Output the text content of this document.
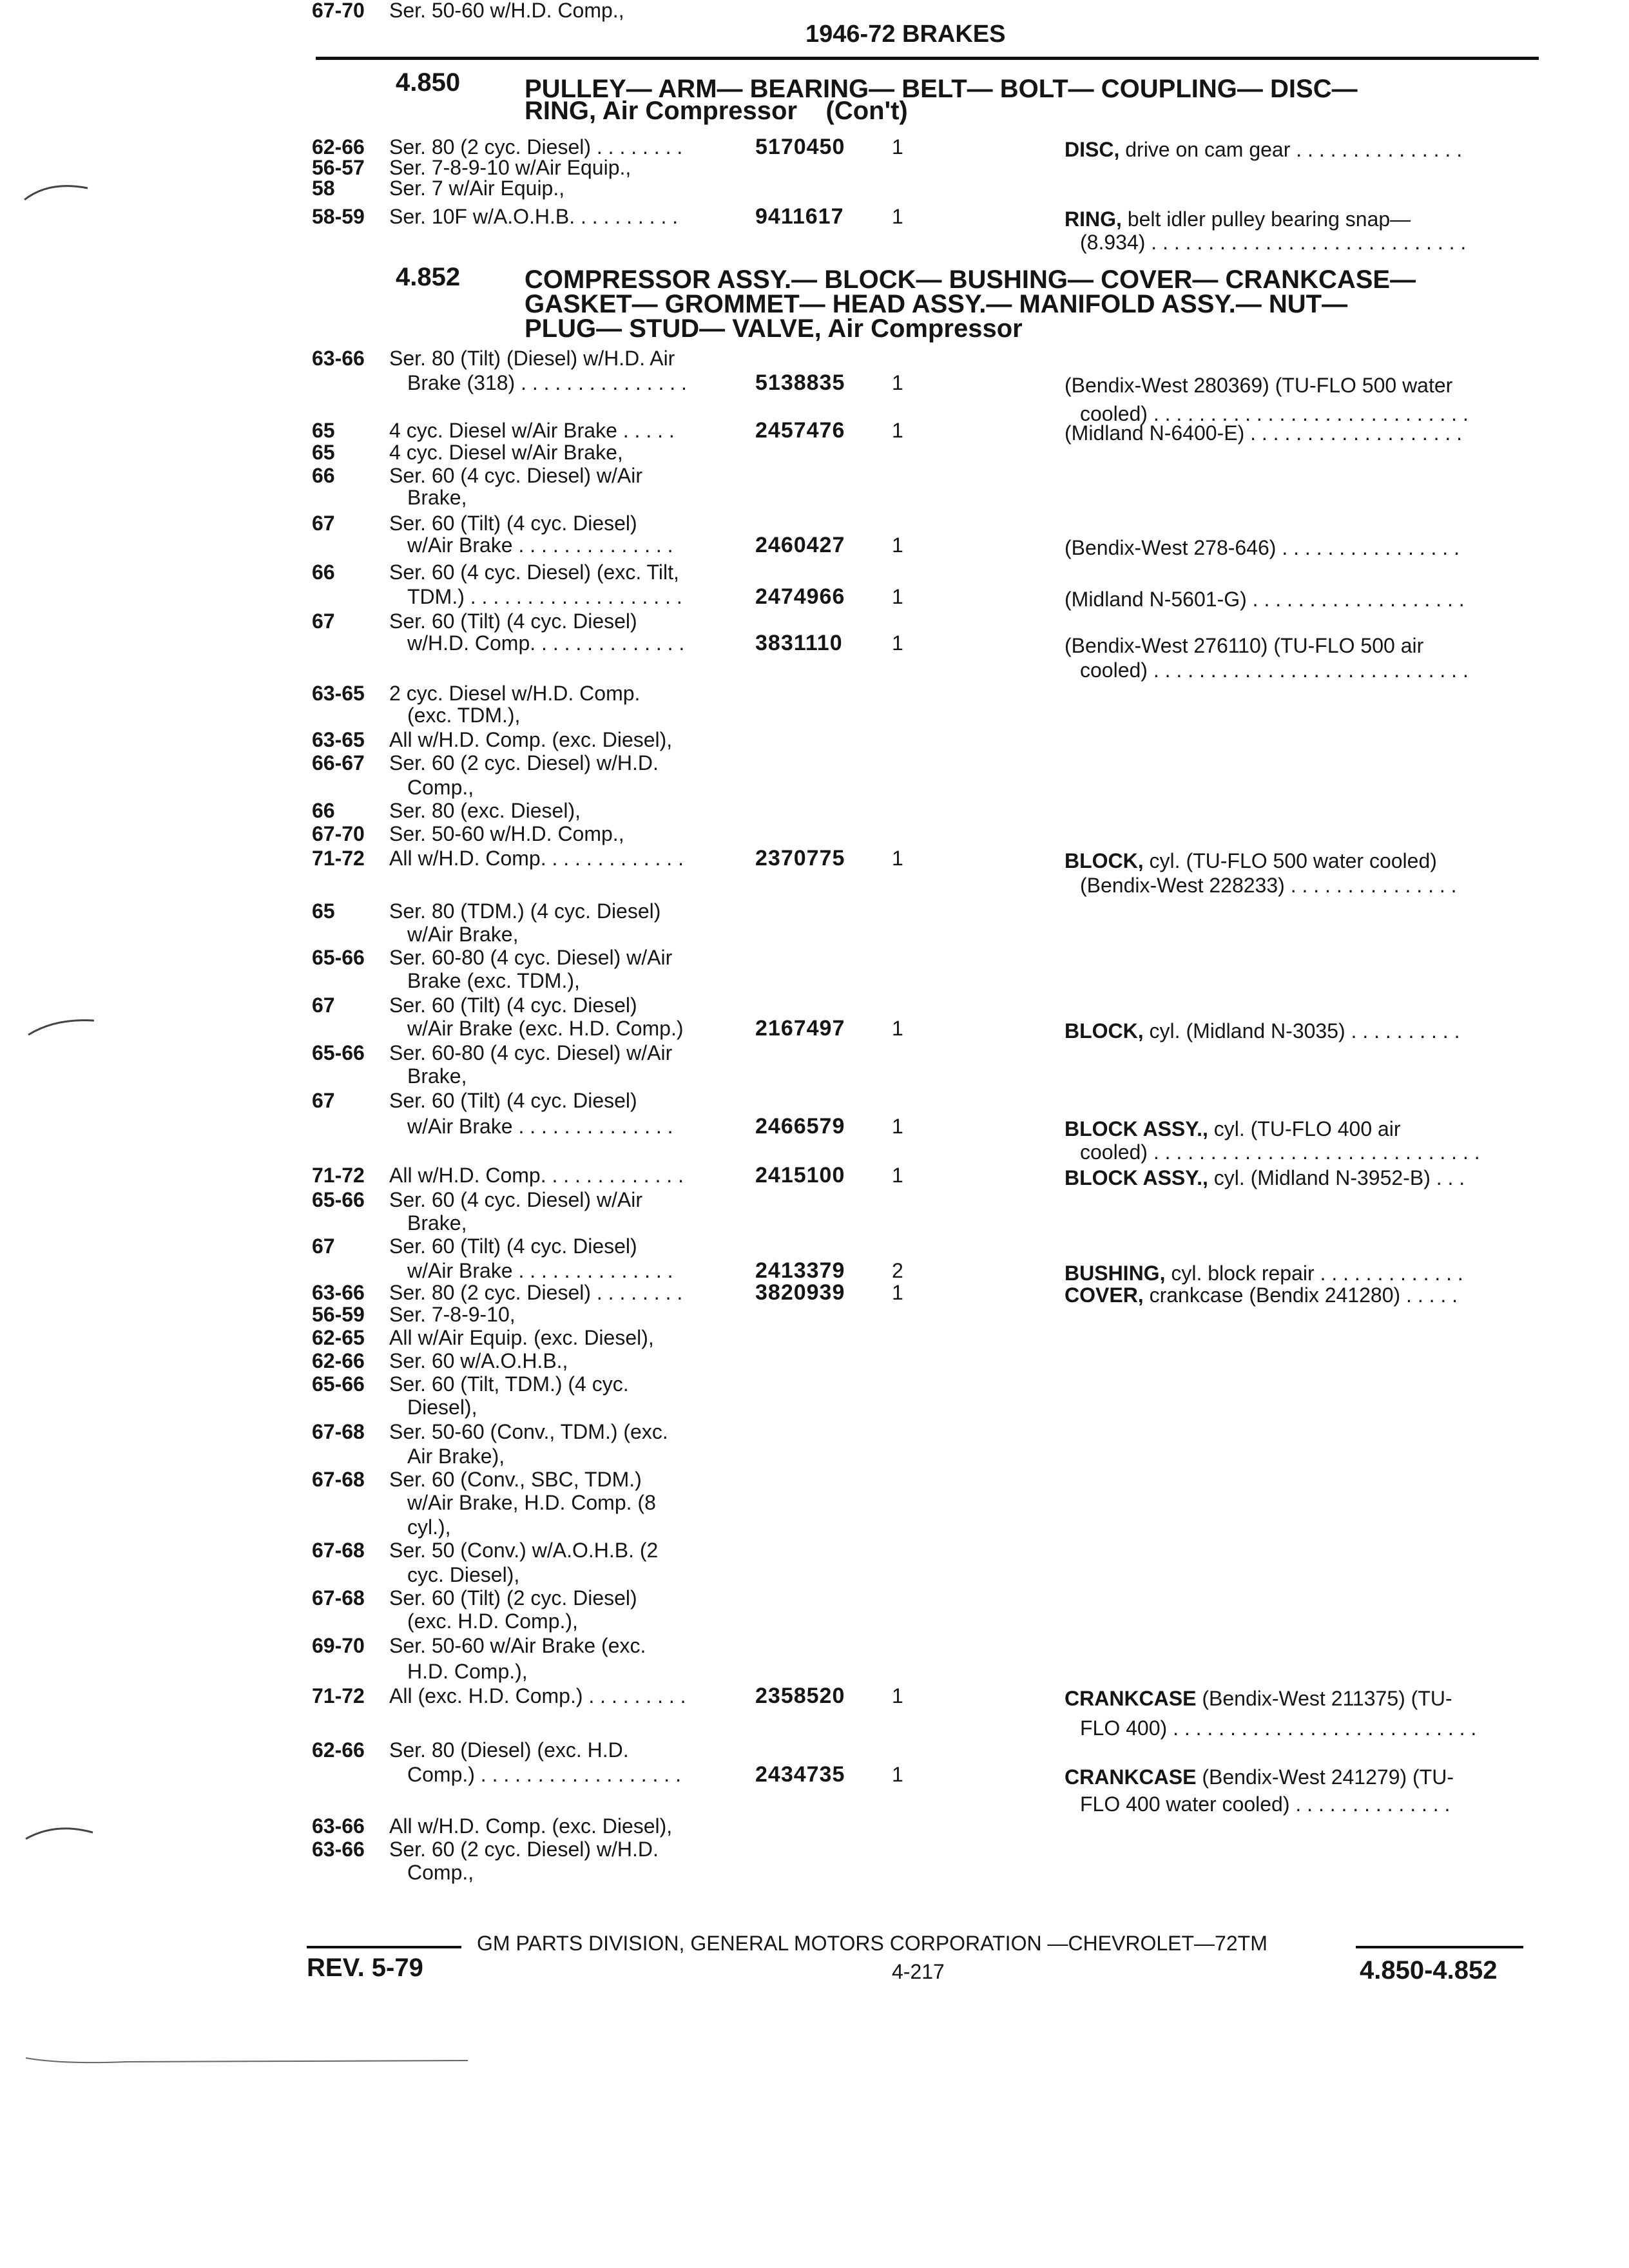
1946-72 BRAKES
4.850 PULLEY— ARM— BEARING— BELT— BOLT— COUPLING— DISC—
RING, Air Compressor    (Con't)
4.852 COMPRESSOR ASSY.— BLOCK— BUSHING— COVER— CRANKCASE—
GASKET— GROMMET— HEAD ASSY.— MANIFOLD ASSY.— NUT—
PLUG— STUD— VALVE, Air Compressor
62-66 Ser. 80 (2 cyc. Diesel) . . . . . . . .	5170450 1	DISC, drive on cam gear . . . . . . . . . . . . . . .
56-57 Ser. 7-8-9-10 w/Air Equip.,
58	Ser. 7 w/Air Equip.,
58-59 Ser. 10F w/A.O.H.B. . . . . . . . . .	9411617 1	RING, belt idler pulley bearing snap—
(8.934) . . . . . . . . . . . . . . . . . . . . . . . . . . . .
63-66 Ser. 80 (Tilt) (Diesel) w/H.D. Air
Brake (318) . . . . . . . . . . . . . . .	5138835 1	(Bendix-West 280369) (TU-FLO 500 water
cooled) . . . . . . . . . . . . . . . . . . . . . . . . . . . .
65	4 cyc. Diesel w/Air Brake . . . . .	2457476 1	(Midland N-6400-E) . . . . . . . . . . . . . . . . . . .
65	4 cyc. Diesel w/Air Brake,
66	Ser. 60 (4 cyc. Diesel) w/Air
Brake,
67	Ser. 60 (Tilt) (4 cyc. Diesel)
w/Air Brake . . . . . . . . . . . . . .	2460427 1	(Bendix-West 278-646) . . . . . . . . . . . . . . . .
66	Ser. 60 (4 cyc. Diesel) (exc. Tilt,
TDM.) . . . . . . . . . . . . . . . . . . .	2474966 1	(Midland N-5601-G) . . . . . . . . . . . . . . . . . . .
67	Ser. 60 (Tilt) (4 cyc. Diesel)
w/H.D. Comp. . . . . . . . . . . . . .	3831110 1	(Bendix-West 276110) (TU-FLO 500 air
cooled) . . . . . . . . . . . . . . . . . . . . . . . . . . . .
63-65 2 cyc. Diesel w/H.D. Comp.
(exc. TDM.),
63-65 All w/H.D. Comp. (exc. Diesel),
66-67 Ser. 60 (2 cyc. Diesel) w/H.D.
Comp.,
66	Ser. 80 (exc. Diesel),
67-70 Ser. 50-60 w/H.D. Comp.,
71-72 All w/H.D. Comp. . . . . . . . . . . . .	2370775 1	BLOCK, cyl. (TU-FLO 500 water cooled)
(Bendix-West 228233) . . . . . . . . . . . . . . .
65	Ser. 80 (TDM.) (4 cyc. Diesel)
w/Air Brake,
65-66 Ser. 60-80 (4 cyc. Diesel) w/Air
Brake (exc. TDM.),
67	Ser. 60 (Tilt) (4 cyc. Diesel)
w/Air Brake (exc. H.D. Comp.)	2167497 1	BLOCK, cyl. (Midland N-3035) . . . . . . . . . .
65-66 Ser. 60-80 (4 cyc. Diesel) w/Air
Brake,
67	Ser. 60 (Tilt) (4 cyc. Diesel)
w/Air Brake . . . . . . . . . . . . . .	2466579 1	BLOCK ASSY., cyl. (TU-FLO 400 air
cooled) . . . . . . . . . . . . . . . . . . . . . . . . . . . . .
71-72 All w/H.D. Comp. . . . . . . . . . . . .	2415100 1	BLOCK ASSY., cyl. (Midland N-3952-B) . . .
65-66 Ser. 60 (4 cyc. Diesel) w/Air
Brake,
67	Ser. 60 (Tilt) (4 cyc. Diesel)
w/Air Brake . . . . . . . . . . . . . .	2413379 2	BUSHING, cyl. block repair . . . . . . . . . . . . .
63-66 Ser. 80 (2 cyc. Diesel) . . . . . . . .	3820939 1	COVER, crankcase (Bendix 241280) . . . . .
56-59 Ser. 7-8-9-10,
62-65 All w/Air Equip. (exc. Diesel),
62-66 Ser. 60 w/A.O.H.B.,
65-66 Ser. 60 (Tilt, TDM.) (4 cyc.
Diesel),
67-68 Ser. 50-60 (Conv., TDM.) (exc.
Air Brake),
67-68 Ser. 60 (Conv., SBC, TDM.)
w/Air Brake, H.D. Comp. (8
cyl.),
67-68 Ser. 50 (Conv.) w/A.O.H.B. (2
cyc. Diesel),
67-68 Ser. 60 (Tilt) (2 cyc. Diesel)
(exc. H.D. Comp.),
69-70 Ser. 50-60 w/Air Brake (exc.
H.D. Comp.),
71-72 All (exc. H.D. Comp.) . . . . . . . . .	2358520 1	CRANKCASE (Bendix-West 211375) (TU-
FLO 400) . . . . . . . . . . . . . . . . . . . . . . . . . . .
62-66 Ser. 80 (Diesel) (exc. H.D.
Comp.) . . . . . . . . . . . . . . . . . .	2434735 1	CRANKCASE (Bendix-West 241279) (TU-
FLO 400 water cooled) . . . . . . . . . . . . . .
63-66 All w/H.D. Comp. (exc. Diesel),
63-66 Ser. 60 (2 cyc. Diesel) w/H.D.
Comp.,
67-70 Ser. 50-60 w/H.D. Comp.,
GM PARTS DIVISION, GENERAL MOTORS CORPORATION —CHEVROLET—72TM
REV. 5-79	4-217	4.850-4.852
